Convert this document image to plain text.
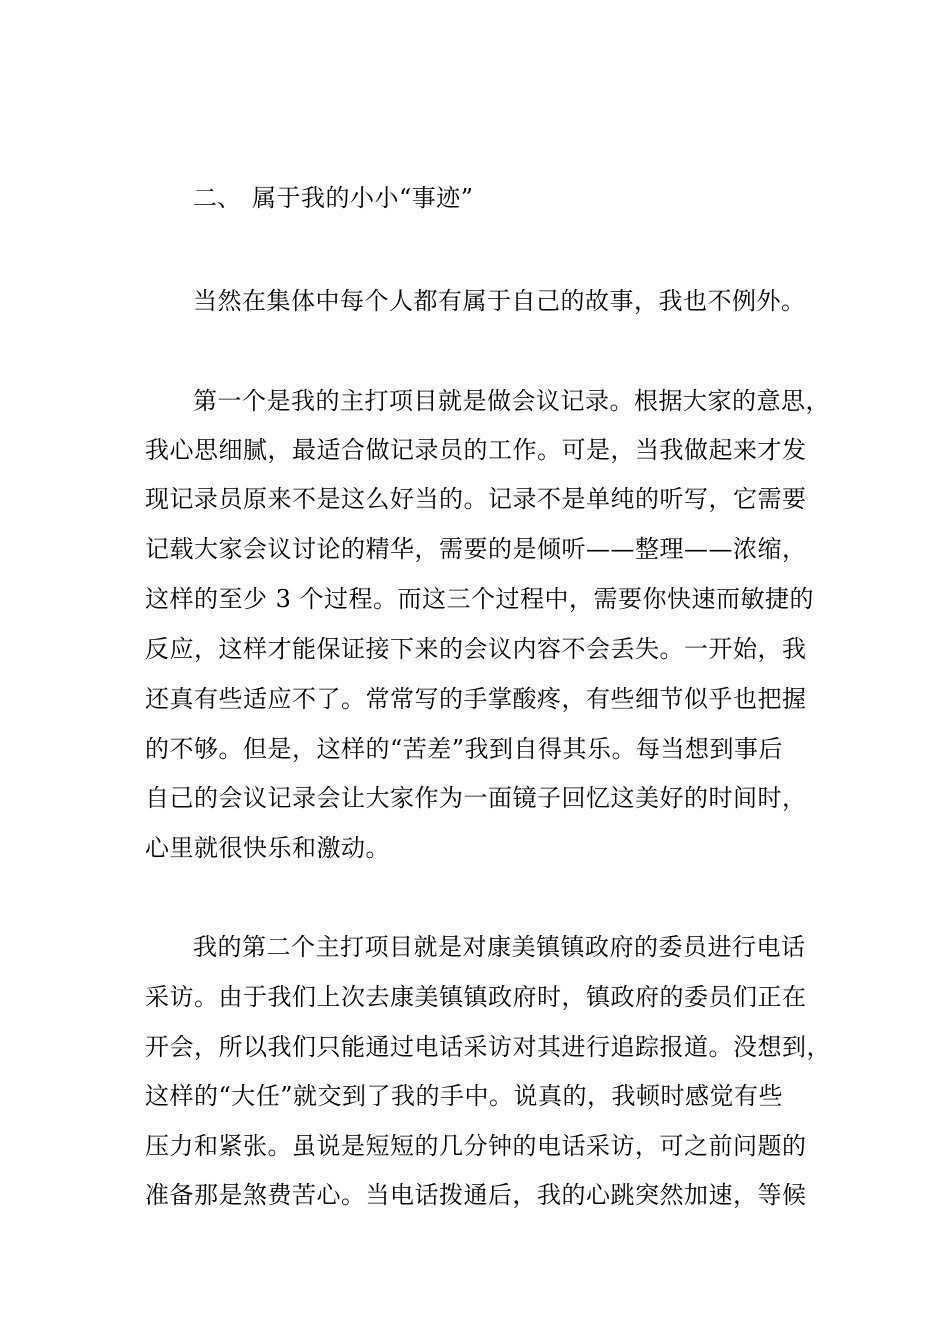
二、 属于我的小小“事迹”
当然在集体中每个人都有属于自己的故事，我也不例外。
第一个是我的主打项目就是做会议记录。根据大家的意思，
我心思细腻，最适合做记录员的工作。可是，当我做起来才发
现记录员原来不是这么好当的。记录不是单纯的听写，它需要
记载大家会议讨论的精华，需要的是倾听——整理——浓缩，
这样的至少 3 个过程。而这三个过程中，需要你快速而敏捷的
反应，这样才能保证接下来的会议内容不会丢失。一开始，我
还真有些适应不了。常常写的手掌酸疼，有些细节似乎也把握
的不够。但是，这样的“苦差”我到自得其乐。每当想到事后
自己的会议记录会让大家作为一面镜子回忆这美好的时间时，
心里就很快乐和激动。
我的第二个主打项目就是对康美镇镇政府的委员进行电话
采访。由于我们上次去康美镇镇政府时，镇政府的委员们正在
开会，所以我们只能通过电话采访对其进行追踪报道。没想到，
这样的“大任”就交到了我的手中。说真的，我顿时感觉有些
压力和紧张。虽说是短短的几分钟的电话采访，可之前问题的
准备那是煞费苦心。当电话拨通后，我的心跳突然加速，等候
